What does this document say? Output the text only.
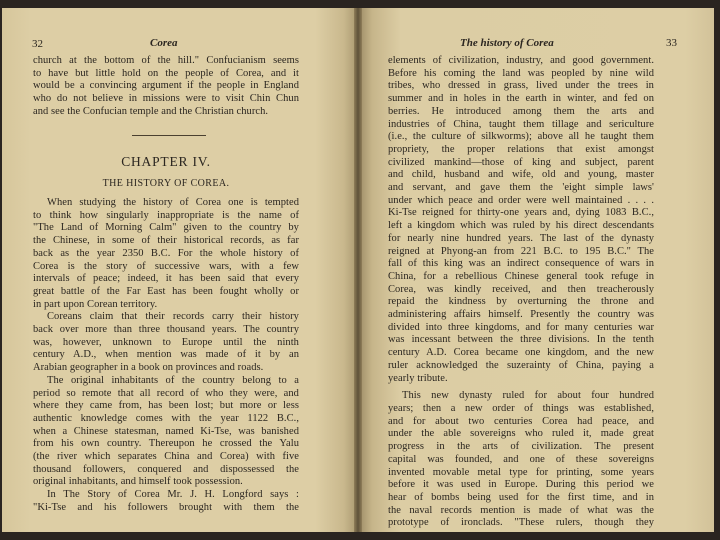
32	Corea	The history of Corea	33
church at the bottom of the hill." Confucianism seems
to have but little hold on the people of Corea, and it
would be a convincing argument if the people in England
who do not believe in missions were to visit Chin Chun
and see the Confucian temple and the Christian church.
CHAPTER IV.
THE HISTORY OF COREA.
When studying the history of Corea one is tempted
to think how singularly inappropriate is the name of
"The Land of Morning Calm" given to the country by
the Chinese, in some of their historical records, as far
back as the year 2350 B.C. For the whole history of
Corea is the story of successive wars, with a few
intervals of peace; indeed, it has been said that every
great battle of the Far East has been fought wholly or
in part upon Corean territory.
Coreans claim that their records carry their history
back over more than three thousand years. The country
was, however, unknown to Europe until the ninth
century A.D., when mention was made of it by an
Arabian geographer in a book on provinces and roads.
The original inhabitants of the country belong to a
period so remote that all record of who they were, and
where they came from, has been lost; but more or less
authentic knowledge comes with the year 1122 B.C.,
when a Chinese statesman, named Ki-Tse, was banished
from his own country. Thereupon he crossed the Yalu
(the river which separates China and Corea) with five
thousand followers, conquered and dispossessed the
original inhabitants, and himself took possession.
In The Story of Corea Mr. J. H. Longford says :
"Ki-Tse and his followers brought with them the
elements of civilization, industry, and good government.
Before his coming the land was peopled by nine wild
tribes, who dressed in grass, lived under the trees in
summer and in holes in the earth in winter, and fed on
berries. He introduced among them the arts and
industries of China, taught them tillage and sericulture
(i.e., the culture of silkworms); above all he taught them
propriety, the proper relations that exist amongst
civilized mankind—those of king and subject, parent
and child, husband and wife, old and young, master
and servant, and gave them the 'eight simple laws'
under which peace and order were well maintained . . . .
Ki-Tse reigned for thirty-one years and, dying 1083 B.C.,
left a kingdom which was ruled by his direct descendants
for nearly nine hundred years. The last of the dynasty
reigned at Phyong-an from 221 B.C. to 195 B.C." The
fall of this king was an indirect consequence of wars in
China, for a rebellious Chinese general took refuge in
Corea, was kindly received, and then treacherously
repaid the kindness by overturning the throne and
administering affairs himself. Presently the country was
divided into three kingdoms, and for many centuries war
was incessant between the three divisions. In the tenth
century A.D. Corea became one kingdom, and the new
ruler acknowledged the suzerainty of China, paying a
yearly tribute.
This new dynasty ruled for about four hundred
years; then a new order of things was established,
and for about two centuries Corea had peace, and
under the able sovereigns who ruled it, made great
progress in the arts of civilization. The present
capital was founded, and one of these sovereigns
invented movable metal type for printing, some years
before it was used in Europe. During this period we
hear of bombs being used for the first time, and in
the naval records mention is made of what was the
prototype of ironclads. "These rulers, though they
